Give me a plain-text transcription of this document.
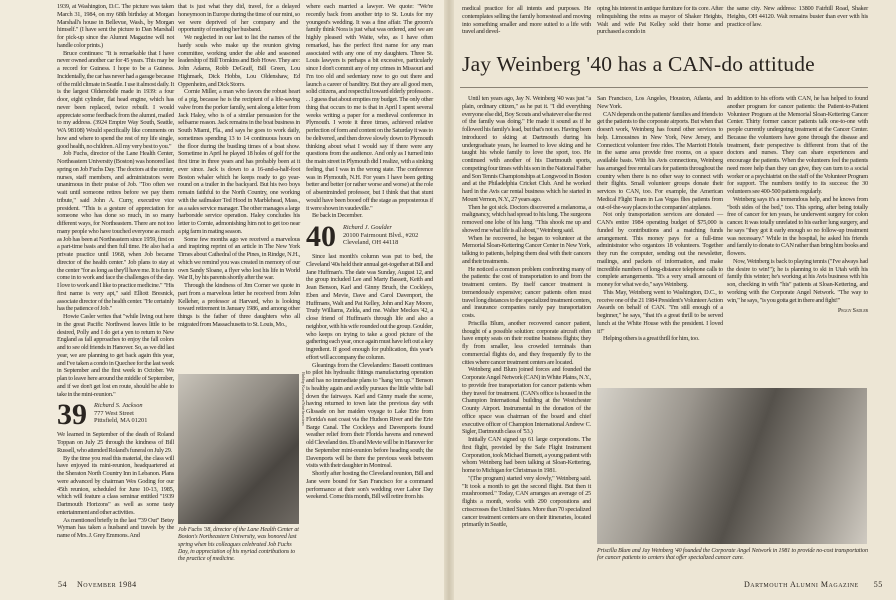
1939, at Washington, D.C. The picture was taken March 31, 1984, on my 68th birthday at Morgan Marshall's house in Bellevue, Wash., by Morgan himself." (I have sent the picture to Dan Marshall for pick-up since the Alumni Magazine will not handle color prints.)

Bruce continues: "It is remarkable that I have never owned another car for 45 years. This may be a record for Guiness. I hope to be a Guiness. Incidentally, the car has never had a garage because of the mild climate in Seattle. I use it almost daily. It is the largest Oldsmobile made in 1939: a four door, eight cylinder, flat head engine, which has never been replaced, twice rebuilt. I would appreciate some feedback from the alumni, mailed to my address. (3924 Empire Way South, Seattle, WA 98108) Would specifically like comments on how and where to spend the rest of my life single, good health, no children. All my very best to you."

Job Fuchs, director of the Lane Health Center, Northeastern University (Boston) was honored last spring on Job Fuchs Day. The doctors at the center, nurses, staff members, and administrators were unanimous in their praise of Job. "Too often we wait until someone retires before we pay them tribute," said John A. Curry, executive vice president. "This is a gesture of appreciation for someone who has done so much, in so many different ways, for Northeastern. There are not too many people who have touched everyone as much as Job has been at Northeastern since 1959, first on a part-time basis and then full time. He also had a private practice until 1968, when Job became director of the health center." Job plans to stay at the center "for as long as they'll have me. It is fun to come in to work and face the challenges of the day. I love to work and I like to practice medicine." "His first name is very apt," said Elliott Bresnick, associate director of the health center. "He certainly has the patience of Job."

Howie Casler writes that "while living out here in the great Pacific Northwest leaves little to be desired, Polly and I do get a yen to return to New England as fall approaches to enjoy the fall colors and to see old friends in Hanover. So, as we did last year, we are planning to get back again this year, and I've taken a condo in Quechee for the last week in September and the first week in October. We plan to leave here around the middle of September, and if we don't get lost en route, should be able to take in the mini-reunion."

39 Richard S. Jackson
777 West Street
Pittsfield, MA 01201

We learned in September of the death of Roland Toppan on July 25 through the kindness of Bill Russell, who attended Roland's funeral on July 29.

By the time you read this material, the class will have enjoyed its mini-reunion, headquartered at the Sheraton North Country Inn in Lebanon. Plans were advanced by chairman Wes Goding for our 45th reunion, scheduled for June 10-13, 1985, which will feature a class seminar entitled "1939 Dartmouth Horizons" as well as some tasty entertainment and other activities.

As mentioned briefly in the last "'39 Out" Betsy Wyman has taken a husband and travels by the name of Mrs. J. Grey Emmons. And

that is just what they did, travel, for a delayed honeymoon in Europe during the time of our mini, so we were deprived of her company and the opportunity of meeting her husband.

We neglected in our last to list the names of the hardy souls who make up the reunion giving committee, working under the able and seasoned leadership of Bill Tomkins and Bob Howe. They are: John Adams, Robb DeGraff, Bill Green, Lou Highmark, Dick Hobbs, Lou Oldenshaw, Ed Oppenheim, and Dick Storrs.

Cornie Miller, a man who favors the robust heart of a pig, because he is the recipient of a life-saving valve from the porker family, sent along a letter from Jack Haley, who is of a similar persuasion for the selfsame reason. Jack remains in the boat business in South Miami, Fla., and says he goes to work daily, sometimes spending 13 to 14 continuous hours on the floor during the bustling times of a boat show. Sometime in April he played 18 holes of golf for the first time in three years and has probably been at it ever since. Jack is down to a 16-and-a-half-foot Boston whaler which he keeps ready to go year-round on a trailer in the backyard. But his two boys remain faithful to the North Country, one working with the sailmaker Ted Hood in Marblehead, Mass., as a sales service manager. The other manages a large harborside service operation. Haley concludes his letter to Cornie, admonishing him not to get too near a pig farm in mating season.

Some few months ago we received a marvelous and inspiring reprint of an article in The New York Times about Cathedral of the Pines, in Rindge, N.H., which we remind you was created in memory of our own Sandy Sloane, a flyer who lost his life in World War II, by his parents shortly after the war.

Through the kindness of Jim Corner we quote in part from a marvelous letter he received from John Kelleher, a professor at Harvard, who is looking toward retirement in January 1986, and among other things is the father of three daughters who all migrated from Massachusetts to St. Louis, Mo.,

Bobby Kaestner/Northeastern
Job Fuchs '38, director of the Lane Health Center at Boston's Northeastern University, was honored last spring when his colleagues celebrated Job Fuchs Day, in appreciation of his myriad contributions to the practice of medicine.

where each married a lawyer. We quote: "We're recently back from another trip to St. Louis for my youngest's wedding. It was a fine affair. The groom's family think Nora is just what was ordered, and we are highly pleased with Waite, who, as I have often remarked, has the perfect first name for any man associated with any one of my daughters. Three St. Louis lawyers is perhaps a bit excessive, particularly since I don't commit any of my crimes in Missouri and I'm too old and sedentary now to go out there and launch a career of banditry. But they are all good men, solid citizens, and respectful toward elderly professors . . . I guess that about empties my budget. The only other thing that occurs to me is that in April I spent several weeks writing a paper for a medieval conference in Plymouth. I wrote it three times, achieved relative perfection of form and content on the Saturday it was to be delivered, and then drove slowly down to Plymouth thinking about what I would say if there were any questions from the audience. And only as I turned into the main street in Plymouth did I realize, with a sinking feeling, that I was in the wrong state. The conference was in Plymouth, N.H. For years I have been getting better and better (or rather worse and worse) at the role of absentminded professor, but I think that that stunt would have been booed off the stage as preposterous if it were shown in vaudeville."

Be back in December.

40 Richard J. Goulder
20100 Fairmount Blvd., #202
Cleveland, OH 44118

Since last month's column was put to bed, the Cleveland '40s held their annual get-together at Bill and Jane Huffman's. The date was Sunday, August 12, and the group included Lee and Marty Bassett, Keith and Jean Benson, Karl and Ginny Bruch, the Cockleys, Eben and Mevie, Dave and Carol Davenport, the Huffmans, Walt and Pat Kelley, John and Kay Moore, Trudy Williams, Zelda, and me. Walter Meckes '42, a close friend of Huffman's through life and also a neighbor, with his wife rounded out the group. Goulder, who keeps on trying to take a good picture of the gathering each year, once again must have left out a key ingredient. If good enough for publication, this year's effort will accompany the column.

Gleanings from the Clevelanders: Bassett continues to pilot his hydraulic fittings manufacturing operation and has no immediate plans to "hang 'em up." Benson is healthy again and avidly pursues the little white ball down the fairways. Karl and Ginny made the scene, having returned to town late the previous day with Glissade on her maiden voyage to Lake Erie from Florida's east coast via the Hudson River and the Erie Barge Canal. The Cockleys and Davenports found weather relief from their Florida havens and renewed old Cleveland ties. Eb and Mevie will be in Hanover for the September mini-reunion before heading south; the Davenports will be there the previous week between visits with their daughter in Montreal.

Shortly after hosting the Cleveland reunion, Bill and Jane were bound for San Francisco for a command performance at their son's wedding over Labor Day weekend. Come this month, Bill will retire from his

54 November 1984

medical practice for all intents and purposes. He contemplates selling the family homestead and moving into something smaller and more suited to a life with travel and devel-

oping his interest in antique furniture for its core. After relinquishing the reins as mayor of Shaker Heights, Walt and wife Pat Kelley sold their home and purchased a condo in

the same city. New address: 13800 Fairhill Road, Shaker Heights, OH 44120. Walt remains busier than ever with his practice of law.

Jay Weinberg '40 has a CAN-do attitude

Until ten years ago, Jay N. Weinberg '40 was just "a plain, ordinary citizen," as he put it. "I did everything everyone else did, Boy Scouts and whatever else the rest of the family was doing." He made it sound as if he followed his family's lead, but that's not so. Having been introduced to skiing at Dartmouth during his undergraduate years, he learned to love skiing and he taught his whole family to love the sport, too. He continued with another of his Dartmouth sports, competing four times with his son in the National Father and Son Tennis Championships at Longwood in Boston and at the Philadelphia Cricket Club. And he worked hard in the Avis car rental business which he started in Mount Vernon, N.Y., 27 years ago.

Then he got sick. Doctors discovered a melanoma, a malignancy, which had spread to his lung. The surgeons removed one lobe of his lung. "This shook me up and showed me what life is all about," Weinberg said.

When he recovered, he began to volunteer at the Memorial Sloan-Kettering Cancer Center in New York, talking to patients, helping them deal with their cancers and their treatments.

He noticed a common problem confronting many of the patients: the cost of transportation to and from the treatment centers. By itself cancer treatment is tremendously expensive; cancer patients often must travel long distances to the specialized treatment centers, and insurance companies rarely pay transportation costs.

Priscilla Blum, another recovered cancer patient, thought of a possible solution: corporate aircraft often have empty seats on their routine business flights; they fly from smaller, less crowded terminals than commercial flights do, and they frequently fly to the cities where cancer treatment centers are located.

Weinberg and Blum joined forces and founded the Corporate Angel Network (CAN) in White Plains, N.Y., to provide free transportation for cancer patients when they travel for treatment. (CAN's office is housed in the Champion International building at the Westchester County Airport. Instrumental in the donation of the office space was chairman of the board and chief executive officer of Champion International Andrew C. Sigler, Dartmouth class of '53.)

Initially CAN signed up 61 large corporations. The first flight, provided by the Safe Flight Instrument Corporation, took Michael Burnett, a young patient with whom Weinberg had been talking at Sloan-Kettering, home to Michigan for Christmas in 1981.

"(The program) started very slowly," Weinberg said. "It took a month to get the second flight. But then it mushroomed." Today, CAN arranges an average of 25 flights a month, works with 290 corporations and crisscrosses the United States. More than 70 specialized cancer treatment centers are on their itineraries, located primarily in Seattle,

San Francisco, Los Angeles, Houston, Atlanta, and New York.

CAN depends on the patients' families and friends to get the patients to the corporate airports. But when that doesn't work, Weinberg has found other services to help. Limousines in New York, New Jersey, and Connecticut volunteer free rides. The Marriott Hotels in the same area provide free rooms, on a space available basis. With his Avis connections, Weinberg has arranged free rental cars for patients throughout the country when there is no other way to connect with their flights. Small volunteer groups donate their services to CAN, too. For example, the American Medical Flight Team in Las Vegas flies patients from out-of-the-way places to the companies' airplanes.

Not only transportation services are donated — CAN's entire 1984 operating budget of $75,000 is funded by contributions and a matching funds arrangement. This money pays for a full-time administrator who organizes 18 volunteers. Together they run the computer, sending out the newsletter, mailings, and packets of information, and make incredible numbers of long-distance telephone calls to complete arrangements. "It's a very small amount of money for what we do," says Weinberg.

This May, Weinberg went to Washington, D.C., to receive one of the 21 1984 President's Volunteer Action Awards on behalf of CAN. "I'm still enough of a beginner," he says, "that it's a great thrill to be served lunch at the White House with the president. I loved it!"

Helping others is a great thrill for him, too.

In addition to his efforts with CAN, he has helped to found another program for cancer patients: the Patient-to-Patient Volunteer Program at the Memorial Sloan-Kettering Cancer Center. Thirty former cancer patients talk one-to-one with people currently undergoing treatment at the Cancer Center. Because the volunteers have gone through the disease and treatment, their perspective is different from that of the doctors and nurses. They can share experiences and encourage the patients. When the volunteers feel the patients need more help than they can give, they can turn to a social worker or a psychiatrist on the staff of the Volunteer Program for support. The numbers testify to its success: the 30 volunteers see 400-500 patients regularly.

Weinberg says it's a tremendous help, and he knows from "both sides of the bed," too. This spring, after being totally free of cancer for ten years, he underwent surgery for colon cancer. It was totally unrelated to his earlier lung surgery, and he says "they got it early enough so no follow-up treatment was necessary." While in the hospital, he asked his friends and family to donate to CAN rather than bring him books and flowers.

Now, Weinberg is back to playing tennis ("I've always had the desire to win!"); he is planning to ski in Utah with his family this winter; he's working at his Avis business with his son, checking in with "his" patients at Sloan-Kettering, and working with the Corporate Angel Network. "The way to win," he says, "is you gotta get in there and fight!"

Peggy Sadler
Priscilla Blum and Jay Weinberg '40 founded the Corporate Angel Network in 1981 to provide no-cost transportation for cancer patients to centers that offer specialized cancer care.
Dartmouth Alumni Magazine 55
